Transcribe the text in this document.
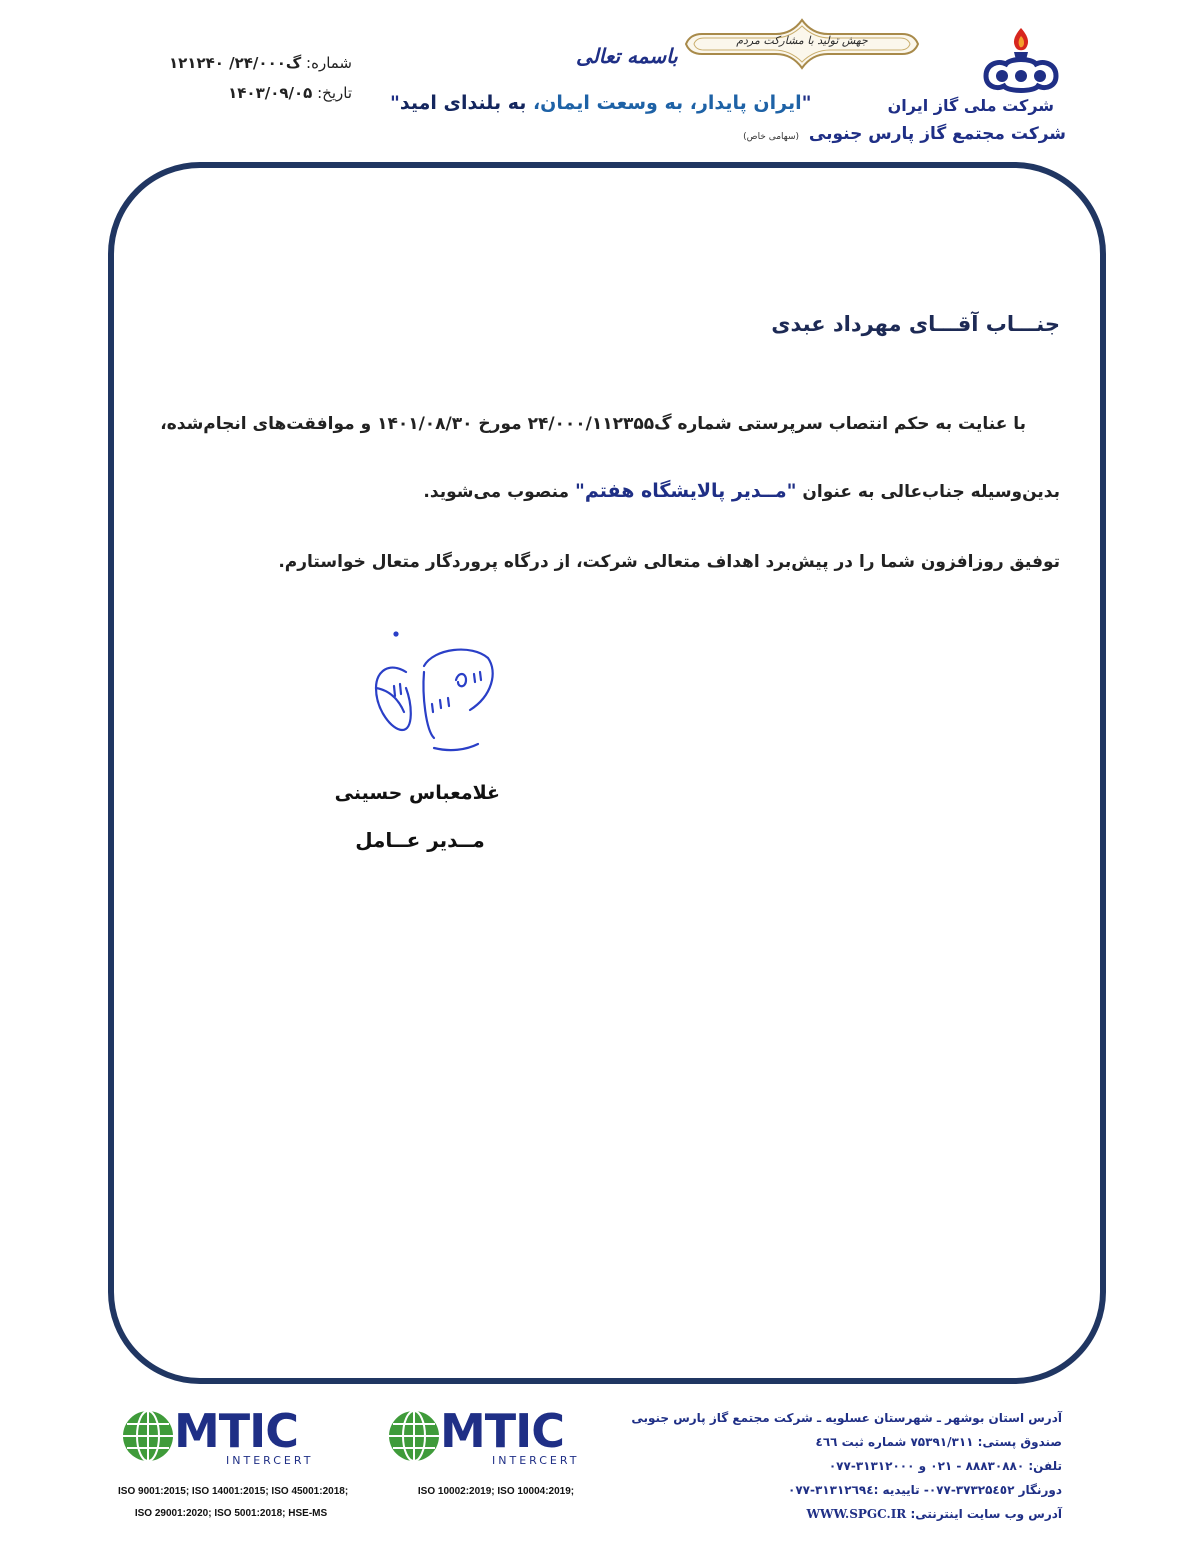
شرکت ملی گاز ایران
شرکت مجتمع گاز پارس جنوبی (سهامی خاص)
جهش تولید با مشارکت مردم
باسمه تعالی
"ایران پایدار، به وسعت ایمان، به بلندای امید"
شماره: گ۲۴/۰۰۰/ ۱۲۱۲۴۰
تاریخ: ۱۴۰۳/۰۹/۰۵
جنـــاب آقـــای مهرداد عبدی
با عنایت به حکم انتصاب سرپرستی شماره گ۲۴/۰۰۰/۱۱۲۳۵۵ مورخ ۱۴۰۱/۰۸/۳۰ و موافقت‌های انجام‌شده،
بدین‌وسیله جناب‌عالی به عنوان "مــدیر پالایشگاه هفتم" منصوب می‌شوید.
توفیق روزافزون شما را در پیش‌برد اهداف متعالی شرکت، از درگاه پروردگار متعال خواستارم.
غلامعباس حسینی
مــدیر عــامل
آدرس استان بوشهر ـ شهرستان عسلویه ـ شرکت مجتمع گاز پارس جنوبی
صندوق پستی: ۷۵۳۹۱/۳۱۱ شماره ثبت ٤٦٦
تلفن: ۸۸۸۳۰۸۸۰ - ۰۲۱ و ۳۱۳۱۲۰۰۰-۰۷۷
دورنگار ۳۷۳۲۵٤٥۲-۰۷۷- تاییدیه :۳۱۳۱۲٦۹٤-۰۷۷
آدرس وب سایت اینترنتی: WWW.SPGC.IR
MTIC
INTERCERT
MTIC
INTERCERT
ISO 9001:2015; ISO 14001:2015; ISO 45001:2018;
ISO 29001:2020; ISO 5001:2018; HSE-MS
ISO 10002:2019; ISO 10004:2019;
